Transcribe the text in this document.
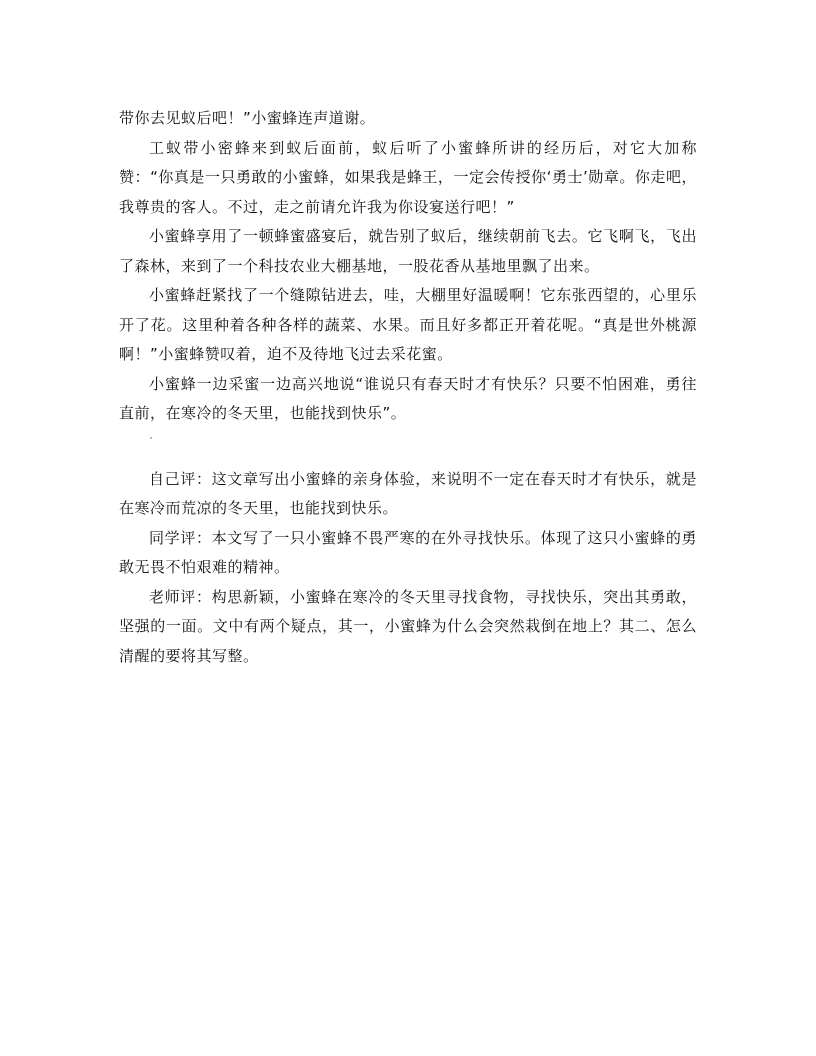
带你去见蚁后吧！”小蜜蜂连声道谢。

工蚁带小密蜂来到蚁后面前，蚁后听了小蜜蜂所讲的经历后，对它大加称赞：“你真是一只勇敢的小蜜蜂，如果我是蜂王，一定会传授你‘勇士’勋章。你走吧，我尊贵的客人。不过，走之前请允许我为你设宴送行吧！”

小蜜蜂享用了一顿蜂蜜盛宴后，就告别了蚁后，继续朝前飞去。它飞啊飞，飞出了森林，来到了一个科技农业大棚基地，一股花香从基地里飘了出来。

小蜜蜂赶紧找了一个缝隙钻进去，哇，大棚里好温暖啊！它东张西望的，心里乐开了花。这里种着各种各样的蔬菜、水果。而且好多都正开着花呢。“真是世外桃源啊！”小蜜蜂赞叹着，迫不及待地飞过去采花蜜。

小蜜蜂一边采蜜一边高兴地说“谁说只有春天时才有快乐？只要不怕困难，勇往直前，在寒冷的冬天里，也能找到快乐”。

自己评：这文章写出小蜜蜂的亲身体验，来说明不一定在春天时才有快乐，就是在寒冷而荒凉的冬天里，也能找到快乐。

同学评：本文写了一只小蜜蜂不畏严寒的在外寻找快乐。体现了这只小蜜蜂的勇敢无畏不怕艰难的精神。

老师评：构思新颖，小蜜蜂在寒冷的冬天里寻找食物，寻找快乐，突出其勇敢，坚强的一面。文中有两个疑点，其一，小蜜蜂为什么会突然栽倒在地上？其二、怎么清醒的要将其写整。
